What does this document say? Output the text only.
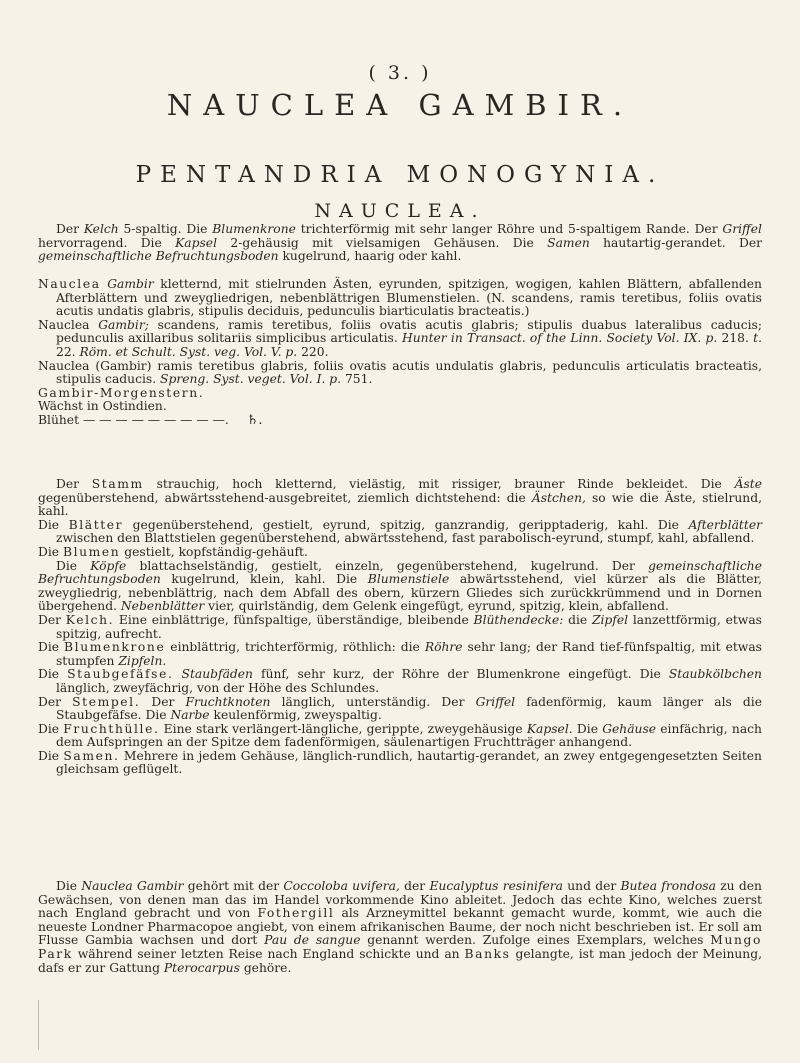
( 3. )
NAUCLEA GAMBIR.
PENTANDRIA MONOGYNIA.
NAUCLEA.

Der Kelch 5-spaltig. Die Blumenkrone trichterförmig mit sehr langer Röhre und 5-spaltigem Rande. Der Griffel hervorragend. Die Kapsel 2-gehäusig mit vielsamigen Gehäusen. Die Samen hautartig-gerandet. Der gemeinschaftliche Befruchtungsboden kugelrund, haarig oder kahl.

Nauclea Gambir kletternd, mit stielrunden Ästen, eyrunden, spitzigen, wogigen, kahlen Blättern, abfallenden Afterblättern und zweygliedrigen, nebenblättrigen Blumenstielen. (N. scandens, ramis teretibus, foliis ovatis acutis undatis glabris, stipulis deciduis, pedunculis biarticulatis bracteatis.)

Nauclea Gambir; scandens, ramis teretibus, foliis ovatis acutis glabris; stipulis duabus lateralibus caducis; pedunculis axillaribus solitariis simplicibus articulatis. Hunter in Transact. of the Linn. Society Vol. IX. p. 218. t. 22. Röm. et Schult. Syst. veg. Vol. V. p. 220.

Nauclea (Gambir) ramis teretibus glabris, foliis ovatis acutis undulatis glabris, pedunculis articulatis bracteatis, stipulis caducis. Spreng. Syst. veget. Vol. I. p. 751.

Gambir-Morgenstern.

Wächst in Ostindien.

Blühet — — — — — — — — —. ♄.

Der Stamm strauchig, hoch kletternd, vielästig, mit rissiger, brauner Rinde bekleidet. Die Äste gegenüberstehend, abwärtsstehend-ausgebreitet, ziemlich dichtstehend: die Ästchen, so wie die Äste, stielrund, kahl.

Die Blätter gegenüberstehend, gestielt, eyrund, spitzig, ganzrandig, geripptaderig, kahl. Die Afterblätter zwischen den Blattstielen gegenüberstehend, abwärtsstehend, fast parabolisch-eyrund, stumpf, kahl, abfallend.

Die Blumen gestielt, kopfständig-gehäuft.

Die Köpfe blattachselständig, gestielt, einzeln, gegenüberstehend, kugelrund. Der gemeinschaftliche Befruchtungsboden kugelrund, klein, kahl. Die Blumenstiele abwärtsstehend, viel kürzer als die Blätter, zweygliedrig, nebenblättrig, nach dem Abfall des obern, kürzern Gliedes sich zurückkrümmend und in Dornen übergehend. Nebenblätter vier, quirlständig, dem Gelenk eingefügt, eyrund, spitzig, klein, abfallend.

Der Kelch. Eine einblättrige, fünfspaltige, überständige, bleibende Blüthendecke: die Zipfel lanzettförmig, etwas spitzig, aufrecht.

Die Blumenkrone einblättrig, trichterförmig, röthlich: die Röhre sehr lang; der Rand tief-fünfspaltig, mit etwas stumpfen Zipfeln.

Die Staubgefäfse. Staubfäden fünf, sehr kurz, der Röhre der Blumenkrone eingefügt. Die Staubkölbchen länglich, zweyfächrig, von der Höhe des Schlundes.

Der Stempel. Der Fruchtknoten länglich, unterständig. Der Griffel fadenförmig, kaum länger als die Staubgefäfse. Die Narbe keulenförmig, zweyspaltig.

Die Fruchthülle. Eine stark verlängert-längliche, gerippte, zweygehäusige Kapsel. Die Gehäuse einfächrig, nach dem Aufspringen an der Spitze dem fadenförmigen, säulenartigen Fruchtträger anhangend.

Die Samen. Mehrere in jedem Gehäuse, länglich-rundlich, hautartig-gerandet, an zwey entgegengesetzten Seiten gleichsam geflügelt.

Die Nauclea Gambir gehört mit der Coccoloba uvifera, der Eucalyptus resinifera und der Butea frondosa zu den Gewächsen, von denen man das im Handel vorkommende Kino ableitet. Jedoch das echte Kino, welches zuerst nach England gebracht und von Fothergill als Arzneymittel bekannt gemacht wurde, kommt, wie auch die neueste Londner Pharmacopoe angiebt, von einem afrikanischen Baume, der noch nicht beschrieben ist. Er soll am Flusse Gambia wachsen und dort Pau de sangue genannt werden. Zufolge eines Exemplars, welches Mungo Park während seiner letzten Reise nach England schickte und an Banks gelangte, ist man jedoch der Meinung, dafs er zur Gattung Pterocarpus gehöre.
